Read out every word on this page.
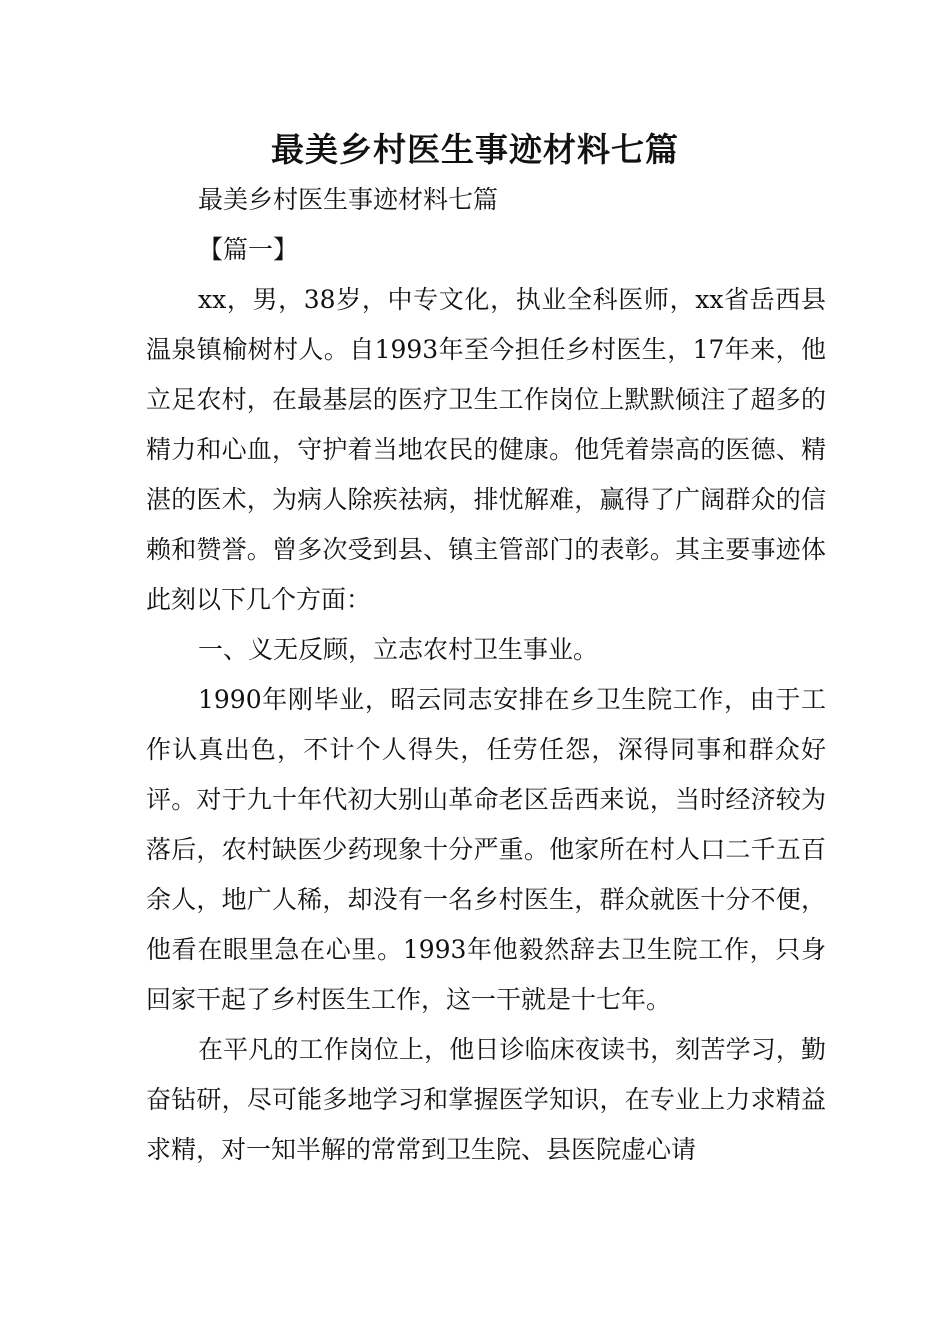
最美乡村医生事迹材料七篇

最美乡村医生事迹材料七篇

【篇一】

xx，男，38岁，中专文化，执业全科医师，xx省岳西县温泉镇榆树村人。自1993年至今担任乡村医生，17年来，他立足农村，在最基层的医疗卫生工作岗位上默默倾注了超多的精力和心血，守护着当地农民的健康。他凭着崇高的医德、精湛的医术，为病人除疾祛病，排忧解难，赢得了广阔群众的信赖和赞誉。曾多次受到县、镇主管部门的表彰。其主要事迹体此刻以下几个方面：

一、义无反顾，立志农村卫生事业。

1990年刚毕业，昭云同志安排在乡卫生院工作，由于工作认真出色，不计个人得失，任劳任怨，深得同事和群众好评。对于九十年代初大别山革命老区岳西来说，当时经济较为落后，农村缺医少药现象十分严重。他家所在村人口二千五百余人，地广人稀，却没有一名乡村医生，群众就医十分不便，他看在眼里急在心里。1993年他毅然辞去卫生院工作，只身回家干起了乡村医生工作，这一干就是十七年。

在平凡的工作岗位上，他日诊临床夜读书，刻苦学习，勤奋钻研，尽可能多地学习和掌握医学知识，在专业上力求精益求精，对一知半解的常常到卫生院、县医院虚心请
